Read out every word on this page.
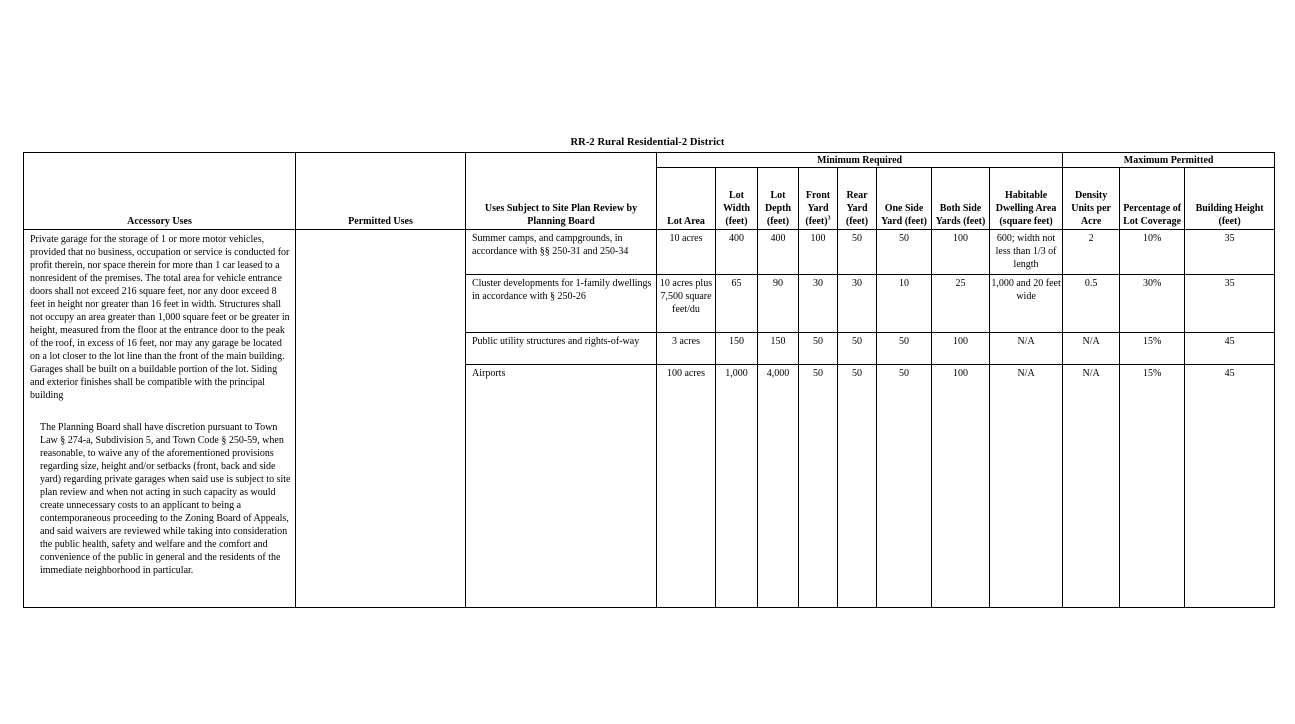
RR-2 Rural Residential-2 District
Accessory Uses	Permitted Uses	Uses Subject to Site Plan Review by Planning Board	Minimum Required								Maximum Permitted		
			Lot Area	Lot Width (feet)	Lot Depth (feet)	Front Yard (feet)$^3$	Rear Yard (feet)	One Side Yard (feet)	Both Side Yards (feet)	Habitable Dwelling Area (square feet)	Density Units per Acre	Percentage of Lot Coverage	Building Height (feet)

Private garage for the storage of 1 or more motor vehicles, provided that no business, occupation or service is conducted for profit therein, nor space therein for more than 1 car leased to a nonresident of the premises. The total area for vehicle entrance doors shall not exceed 216 square feet, nor any door exceed 8 feet in height nor greater than 16 feet in width. Structures shall not occupy an area greater than 1,000 square feet or be greater in height, measured from the floor at the entrance door to the peak of the roof, in excess of 16 feet, nor may any garage be located on a lot closer to the lot line than the front of the main building. Garages shall be built on a buildable portion of the lot. Siding and exterior finishes shall be compatible with the principal building

The Planning Board shall have discretion pursuant to Town Law § 274-a, Subdivision 5, and Town Code § 250-59, when reasonable, to waive any of the aforementioned provisions regarding size, height and/or setbacks (front, back and side yard) regarding private garages when said use is subject to site plan review and when not acting in such capacity as would create unnecessary costs to an applicant to being a contemporaneous proceeding to the Zoning Board of Appeals, and said waivers are reviewed while taking into consideration the public health, safety and welfare and the comfort and convenience of the public in general and the residents of the immediate neighborhood in particular.		Summer camps, and campgrounds, in accordance with §§ 250-31 and 250-34	10 acres	400	400	100	50	50	100	600; width not less than 1/3 of length	2	10%	35
		Cluster developments for 1-family dwellings in accordance with § 250-26	10 acres plus 7,500 square feet/du	65	90	30	30	10	25	1,000 and 20 feet wide	0.5	30%	35
		Public utility structures and rights-of-way	3 acres	150	150	50	50	50	100	N/A	N/A	15%	45
		Airports	100 acres	1,000	4,000	50	50	50	100	N/A	N/A	15%	45
